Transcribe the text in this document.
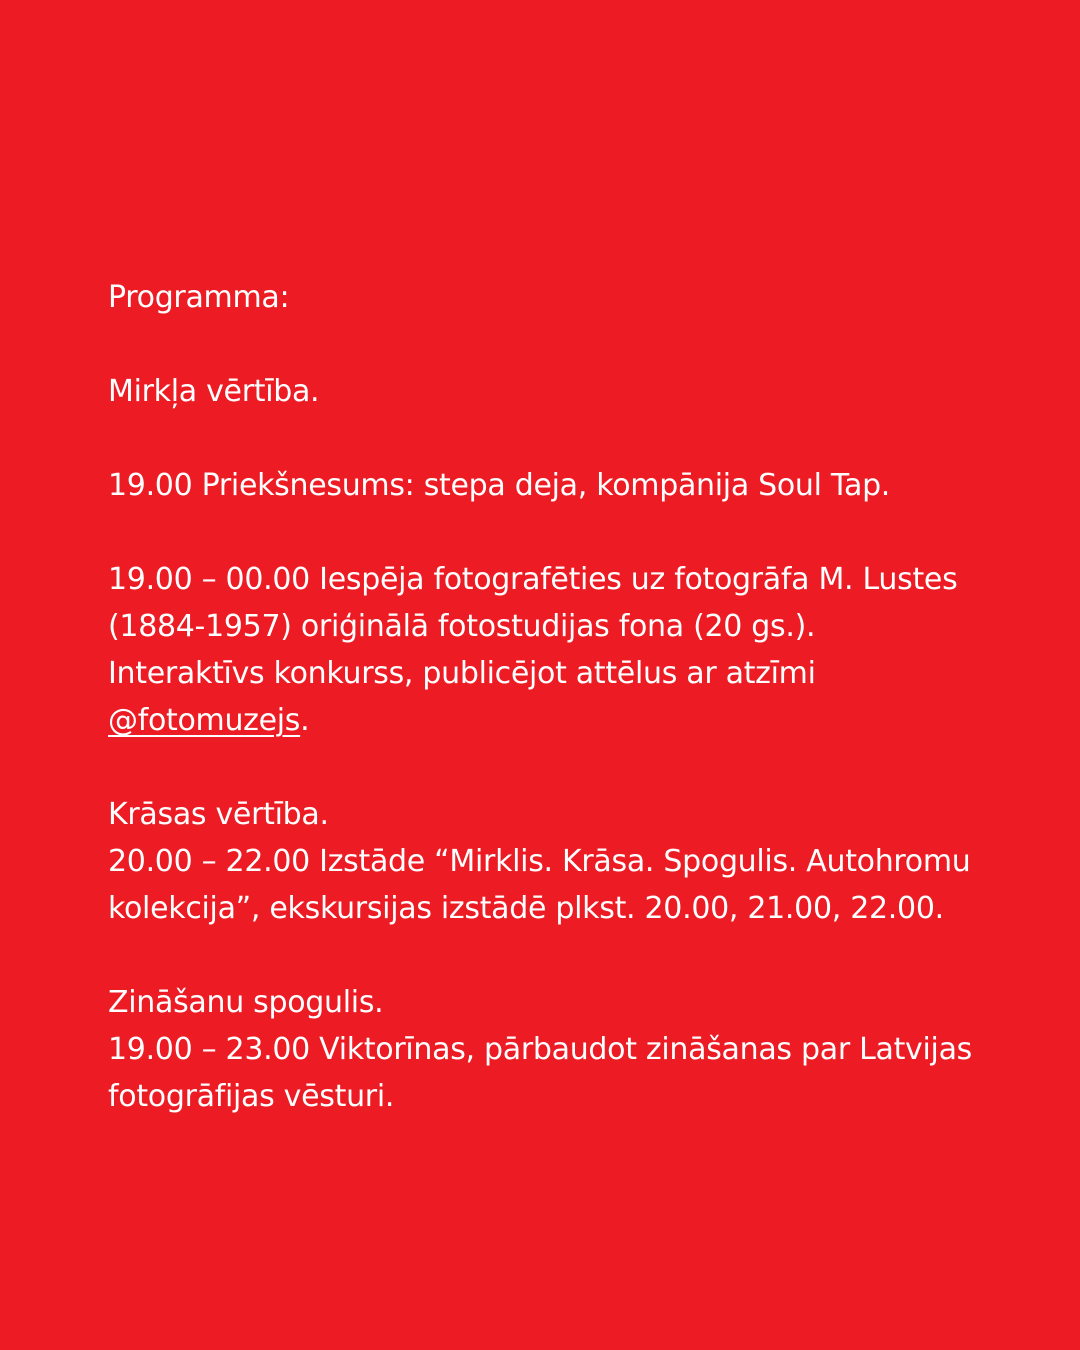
Programma:
Mirkļa vērtība.
19.00 Priekšnesums: stepa deja, kompānija Soul Tap.
19.00 – 00.00 Iespēja fotografēties uz fotogrāfa M. Lustes
(1884-1957) oriģinālā fotostudijas fona (20 gs.).
Interaktīvs konkurss, publicējot attēlus ar atzīmi
@fotomuzejs.
Krāsas vērtība.
20.00 – 22.00 Izstāde “Mirklis. Krāsa. Spogulis. Autohromu
kolekcija”, ekskursijas izstādē plkst. 20.00, 21.00, 22.00.
Zināšanu spogulis.
19.00 – 23.00 Viktorīnas, pārbaudot zināšanas par Latvijas
fotogrāfijas vēsturi.
